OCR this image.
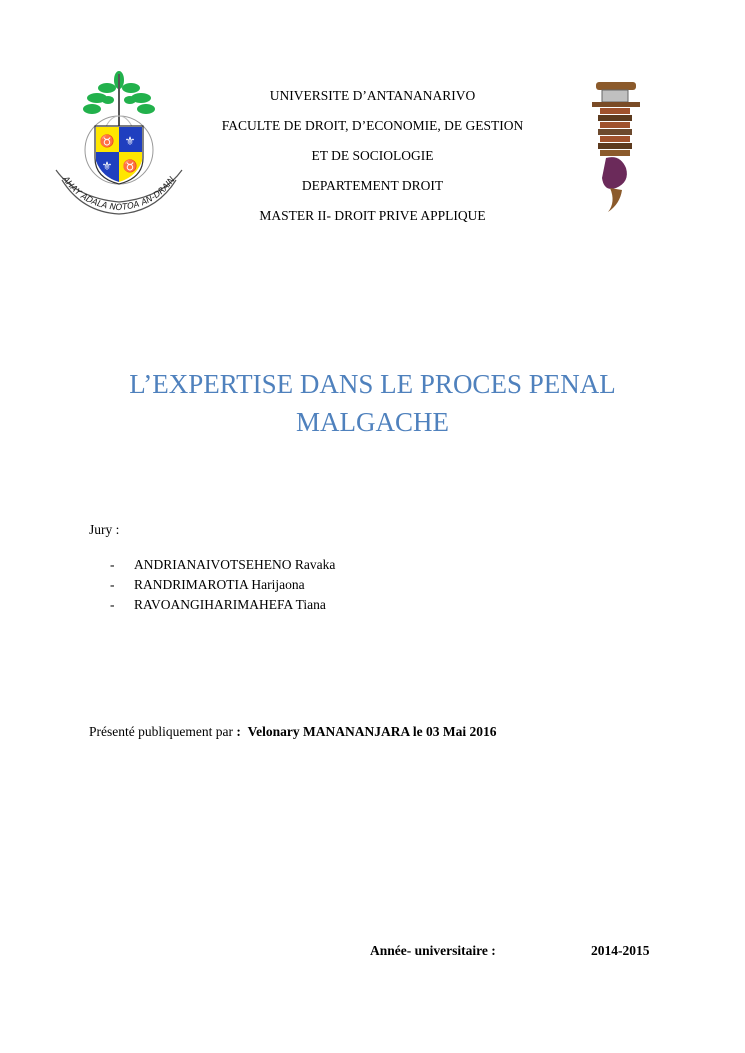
♉ ⚜
⚜ ♉
FAHAY ADALA NOTOA AN-DRAINY
UNIVERSITE D’ANTANANARIVO
FACULTE DE DROIT, D’ECONOMIE, DE GESTION
ET DE SOCIOLOGIE
DEPARTEMENT DROIT
MASTER II- DROIT PRIVE APPLIQUE
L’EXPERTISE DANS LE PROCES PENAL
MALGACHE
Jury :
-	ANDRIANAIVOTSEHENO Ravaka
-	RANDRIMAROTIA Harijaona
-	RAVOANGIHARIMAHEFA Tiana
Présenté publiquement par : Velonary MANANANJARA le 03 Mai 2016
Année- universitaire :	2014-2015
